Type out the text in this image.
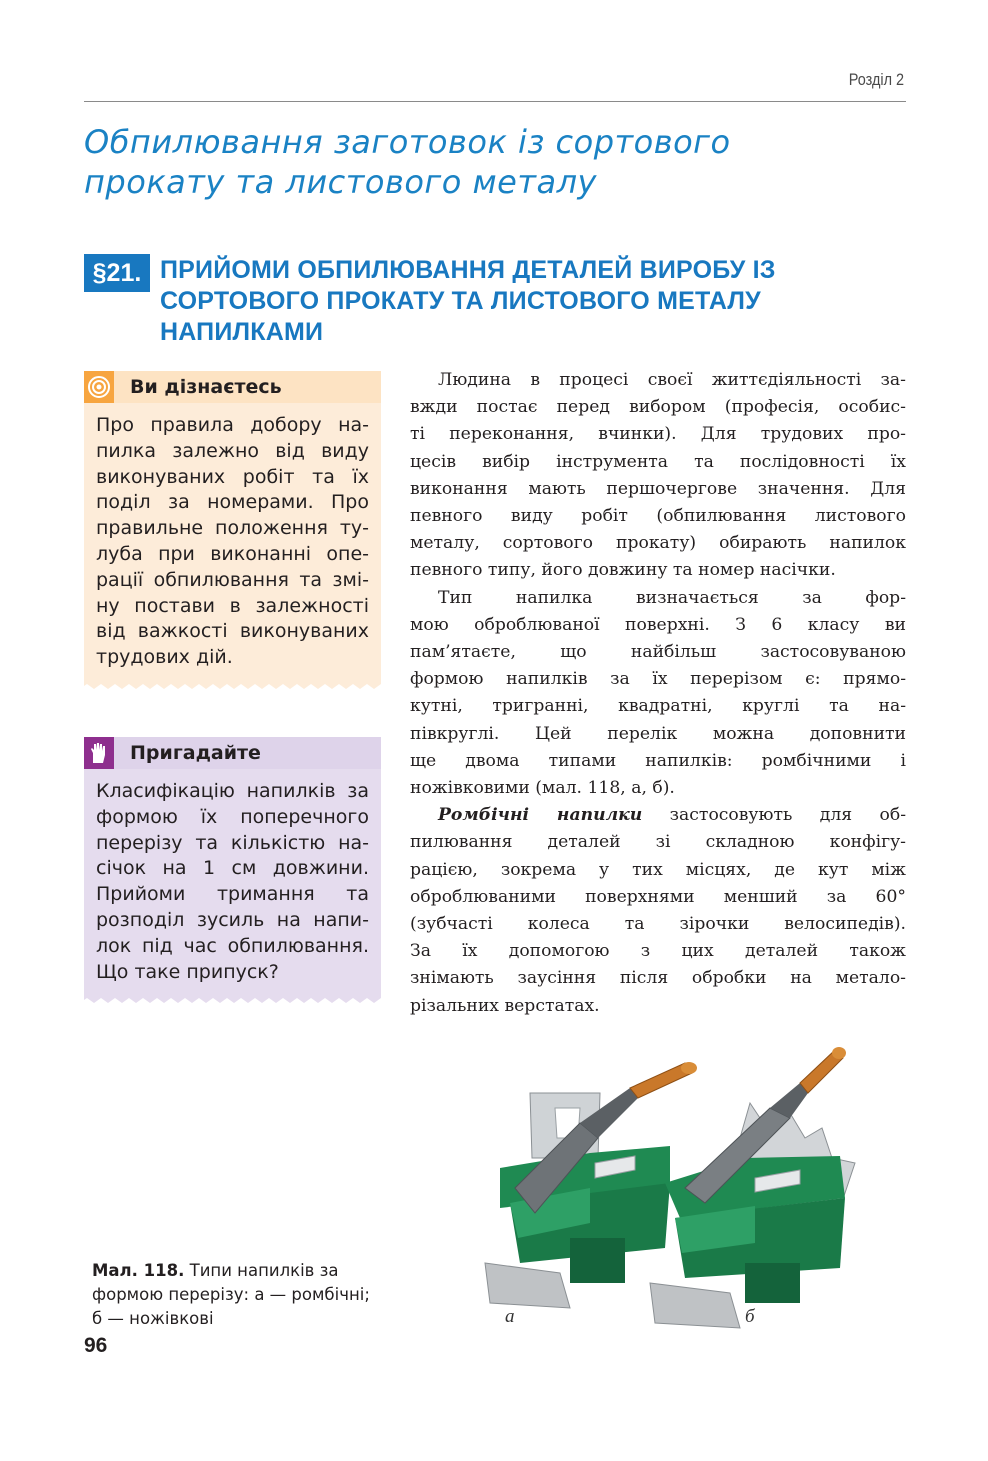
Розділ 2
Обпилювання заготовок із сортового
прокату та листового металу
§21. ПРИЙОМИ ОБПИЛЮВАННЯ ДЕТАЛЕЙ ВИРОБУ ІЗ
СОРТОВОГО ПРОКАТУ ТА ЛИСТОВОГО МЕТАЛУ
НАПИЛКАМИ
Ви дізнаєтесь
Про правила добору на-
пилка залежно від виду
виконуваних робіт та їх
поділ за номерами. Про
правильне положення ту-
луба при виконанні опе-
рації обпилювання та змі-
ну постави в залежності
від важкості виконуваних
трудових дій.
Пригадайте
Класифікацію напилків за
формою їх поперечного
перерізу та кількістю на-
січок на 1 см довжини.
Прийоми тримання та
розподіл зусиль на напи-
лок під час обпилювання.
Що таке припуск?
Людина в процесі своєї життєдіяльності за-
вжди постає перед вибором (професія, особис-
ті переконання, вчинки). Для трудових про-
цесів вибір інструмента та послідовності їх
виконання мають першочергове значення. Для
певного виду робіт (обпилювання листового
металу, сортового прокату) обирають напилок
певного типу, його довжину та номер насічки.
Тип напилка визначається за фор-
мою оброблюваної поверхні. З 6 класу ви
пам’ятаєте, що найбільш застосовуваною
формою напилків за їх перерізом є: прямо-
кутні, тригранні, квадратні, круглі та на-
півкруглі. Цей перелік можна доповнити
ще двома типами напилків: ромбічними і
ножівковими (мал. 118, а, б).
Ромбічні напилки застосовують для об-
пилювання деталей зі складною конфігу-
рацією, зокрема у тих місцях, де кут між
оброблюваними поверхнями менший за 60°
(зубчасті колеса та зірочки велосипедів).
За їх допомогою з цих деталей також
знімають заусіння після обробки на метало-
різальних верстатах.
а	б
Мал. 118. Типи напилків за
формою перерізу: а — ромбічні;
б — ножівкові
96
